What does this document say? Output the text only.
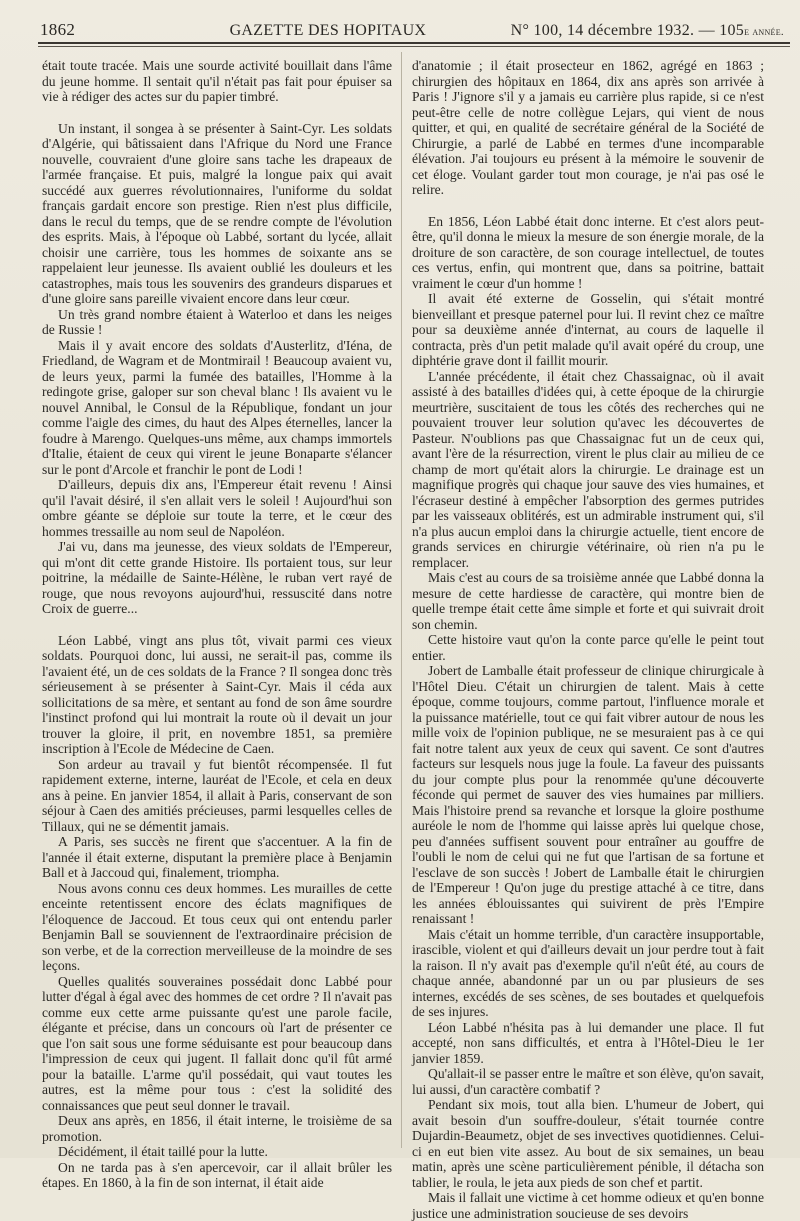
1862	GAZETTE DES HOPITAUX	N° 100, 14 décembre 1932. — 105e année.

était toute tracée. Mais une sourde activité bouillait dans l'âme du jeune homme. Il sentait qu'il n'était pas fait pour épuiser sa vie à rédiger des actes sur du papier timbré.

Un instant, il songea à se présenter à Saint-Cyr. Les soldats d'Algérie, qui bâtissaient dans l'Afrique du Nord une France nouvelle, couvraient d'une gloire sans tache les drapeaux de l'armée française. Et puis, malgré la longue paix qui avait succédé aux guerres révolutionnaires, l'uniforme du soldat français gardait encore son prestige. Rien n'est plus difficile, dans le recul du temps, que de se rendre compte de l'évolution des esprits. Mais, à l'époque où Labbé, sortant du lycée, allait choisir une carrière, tous les hommes de soixante ans se rappelaient leur jeunesse. Ils avaient oublié les douleurs et les catastrophes, mais tous les souvenirs des grandeurs disparues et d'une gloire sans pareille vivaient encore dans leur cœur.

Un très grand nombre étaient à Waterloo et dans les neiges de Russie !

Mais il y avait encore des soldats d'Austerlitz, d'Iéna, de Friedland, de Wagram et de Montmirail ! Beaucoup avaient vu, de leurs yeux, parmi la fumée des batailles, l'Homme à la redingote grise, galoper sur son cheval blanc ! Ils avaient vu le nouvel Annibal, le Consul de la République, fondant un jour comme l'aigle des cimes, du haut des Alpes éternelles, lancer la foudre à Marengo. Quelques-uns même, aux champs immortels d'Italie, étaient de ceux qui virent le jeune Bonaparte s'élancer sur le pont d'Arcole et franchir le pont de Lodi !

D'ailleurs, depuis dix ans, l'Empereur était revenu ! Ainsi qu'il l'avait désiré, il s'en allait vers le soleil ! Aujourd'hui son ombre géante se déploie sur toute la terre, et le cœur des hommes tressaille au nom seul de Napoléon.

J'ai vu, dans ma jeunesse, des vieux soldats de l'Empereur, qui m'ont dit cette grande Histoire. Ils portaient tous, sur leur poitrine, la médaille de Sainte-Hélène, le ruban vert rayé de rouge, que nous revoyons aujourd'hui, ressuscité dans notre Croix de guerre...

Léon Labbé, vingt ans plus tôt, vivait parmi ces vieux soldats. Pourquoi donc, lui aussi, ne serait-il pas, comme ils l'avaient été, un de ces soldats de la France ? Il songea donc très sérieusement à se présenter à Saint-Cyr. Mais il céda aux sollicitations de sa mère, et sentant au fond de son âme sourdre l'instinct profond qui lui montrait la route où il devait un jour trouver la gloire, il prit, en novembre 1851, sa première inscription à l'Ecole de Médecine de Caen.

Son ardeur au travail y fut bientôt récompensée. Il fut rapidement externe, interne, lauréat de l'Ecole, et cela en deux ans à peine. En janvier 1854, il allait à Paris, conservant de son séjour à Caen des amitiés précieuses, parmi lesquelles celles de Tillaux, qui ne se démentit jamais.

A Paris, ses succès ne firent que s'accentuer. A la fin de l'année il était externe, disputant la première place à Benjamin Ball et à Jaccoud qui, finalement, triompha.

Nous avons connu ces deux hommes. Les murailles de cette enceinte retentissent encore des éclats magnifiques de l'éloquence de Jaccoud. Et tous ceux qui ont entendu parler Benjamin Ball se souviennent de l'extraordinaire précision de son verbe, et de la correction merveilleuse de la moindre de ses leçons.

Quelles qualités souveraines possédait donc Labbé pour lutter d'égal à égal avec des hommes de cet ordre ? Il n'avait pas comme eux cette arme puissante qu'est une parole facile, élégante et précise, dans un concours où l'art de présenter ce que l'on sait sous une forme séduisante est pour beaucoup dans l'impression de ceux qui jugent. Il fallait donc qu'il fût armé pour la bataille. L'arme qu'il possédait, qui vaut toutes les autres, est la même pour tous : c'est la solidité des connaissances que peut seul donner le travail.

Deux ans après, en 1856, il était interne, le troisième de sa promotion.

Décidément, il était taillé pour la lutte.

On ne tarda pas à s'en apercevoir, car il allait brûler les étapes. En 1860, à la fin de son internat, il était aide

d'anatomie ; il était prosecteur en 1862, agrégé en 1863 ; chirurgien des hôpitaux en 1864, dix ans après son arrivée à Paris ! J'ignore s'il y a jamais eu carrière plus rapide, si ce n'est peut-être celle de notre collègue Lejars, qui vient de nous quitter, et qui, en qualité de secrétaire général de la Société de Chirurgie, a parlé de Labbé en termes d'une incomparable élévation. J'ai toujours eu présent à la mémoire le souvenir de cet éloge. Voulant garder tout mon courage, je n'ai pas osé le relire.

En 1856, Léon Labbé était donc interne. Et c'est alors peut-être, qu'il donna le mieux la mesure de son énergie morale, de la droiture de son caractère, de son courage intellectuel, de toutes ces vertus, enfin, qui montrent que, dans sa poitrine, battait vraiment le cœur d'un homme !

Il avait été externe de Gosselin, qui s'était montré bienveillant et presque paternel pour lui. Il revint chez ce maître pour sa deuxième année d'internat, au cours de laquelle il contracta, près d'un petit malade qu'il avait opéré du croup, une diphtérie grave dont il faillit mourir.

L'année précédente, il était chez Chassaignac, où il avait assisté à des batailles d'idées qui, à cette époque de la chirurgie meurtrière, suscitaient de tous les côtés des recherches qui ne pouvaient trouver leur solution qu'avec les découvertes de Pasteur. N'oublions pas que Chassaignac fut un de ceux qui, avant l'ère de la résurrection, virent le plus clair au milieu de ce champ de mort qu'était alors la chirurgie. Le drainage est un magnifique progrès qui chaque jour sauve des vies humaines, et l'écraseur destiné à empêcher l'absorption des germes putrides par les vaisseaux oblitérés, est un admirable instrument qui, s'il n'a plus aucun emploi dans la chirurgie actuelle, tient encore de grands services en chirurgie vétérinaire, où rien n'a pu le remplacer.

Mais c'est au cours de sa troisième année que Labbé donna la mesure de cette hardiesse de caractère, qui montre bien de quelle trempe était cette âme simple et forte et qui suivrait droit son chemin.

Cette histoire vaut qu'on la conte parce qu'elle le peint tout entier.

Jobert de Lamballe était professeur de clinique chirurgicale à l'Hôtel Dieu. C'était un chirurgien de talent. Mais à cette époque, comme toujours, comme partout, l'influence morale et la puissance matérielle, tout ce qui fait vibrer autour de nous les mille voix de l'opinion publique, ne se mesuraient pas à ce qui fait notre talent aux yeux de ceux qui savent. Ce sont d'autres facteurs sur lesquels nous juge la foule. La faveur des puissants du jour compte plus pour la renommée qu'une découverte féconde qui permet de sauver des vies humaines par milliers. Mais l'histoire prend sa revanche et lorsque la gloire posthume auréole le nom de l'homme qui laisse après lui quelque chose, peu d'années suffisent souvent pour entraîner au gouffre de l'oubli le nom de celui qui ne fut que l'artisan de sa fortune et l'esclave de son succès ! Jobert de Lamballe était le chirurgien de l'Empereur ! Qu'on juge du prestige attaché à ce titre, dans les années éblouissantes qui suivirent de près l'Empire renaissant !

Mais c'était un homme terrible, d'un caractère insupportable, irascible, violent et qui d'ailleurs devait un jour perdre tout à fait la raison. Il n'y avait pas d'exemple qu'il n'eût été, au cours de chaque année, abandonné par un ou par plusieurs de ses internes, excédés de ses scènes, de ses boutades et quelquefois de ses injures.

Léon Labbé n'hésita pas à lui demander une place. Il fut accepté, non sans difficultés, et entra à l'Hôtel-Dieu le 1er janvier 1859.

Qu'allait-il se passer entre le maître et son élève, qu'on savait, lui aussi, d'un caractère combatif ?

Pendant six mois, tout alla bien. L'humeur de Jobert, qui avait besoin d'un souffre-douleur, s'était tournée contre Dujardin-Beaumetz, objet de ses invectives quotidiennes. Celui-ci en eut bien vite assez. Au bout de six semaines, un beau matin, après une scène particulièrement pénible, il détacha son tablier, le roula, le jeta aux pieds de son chef et partit.

Mais il fallait une victime à cet homme odieux et qu'en bonne justice une administration soucieuse de ses devoirs
